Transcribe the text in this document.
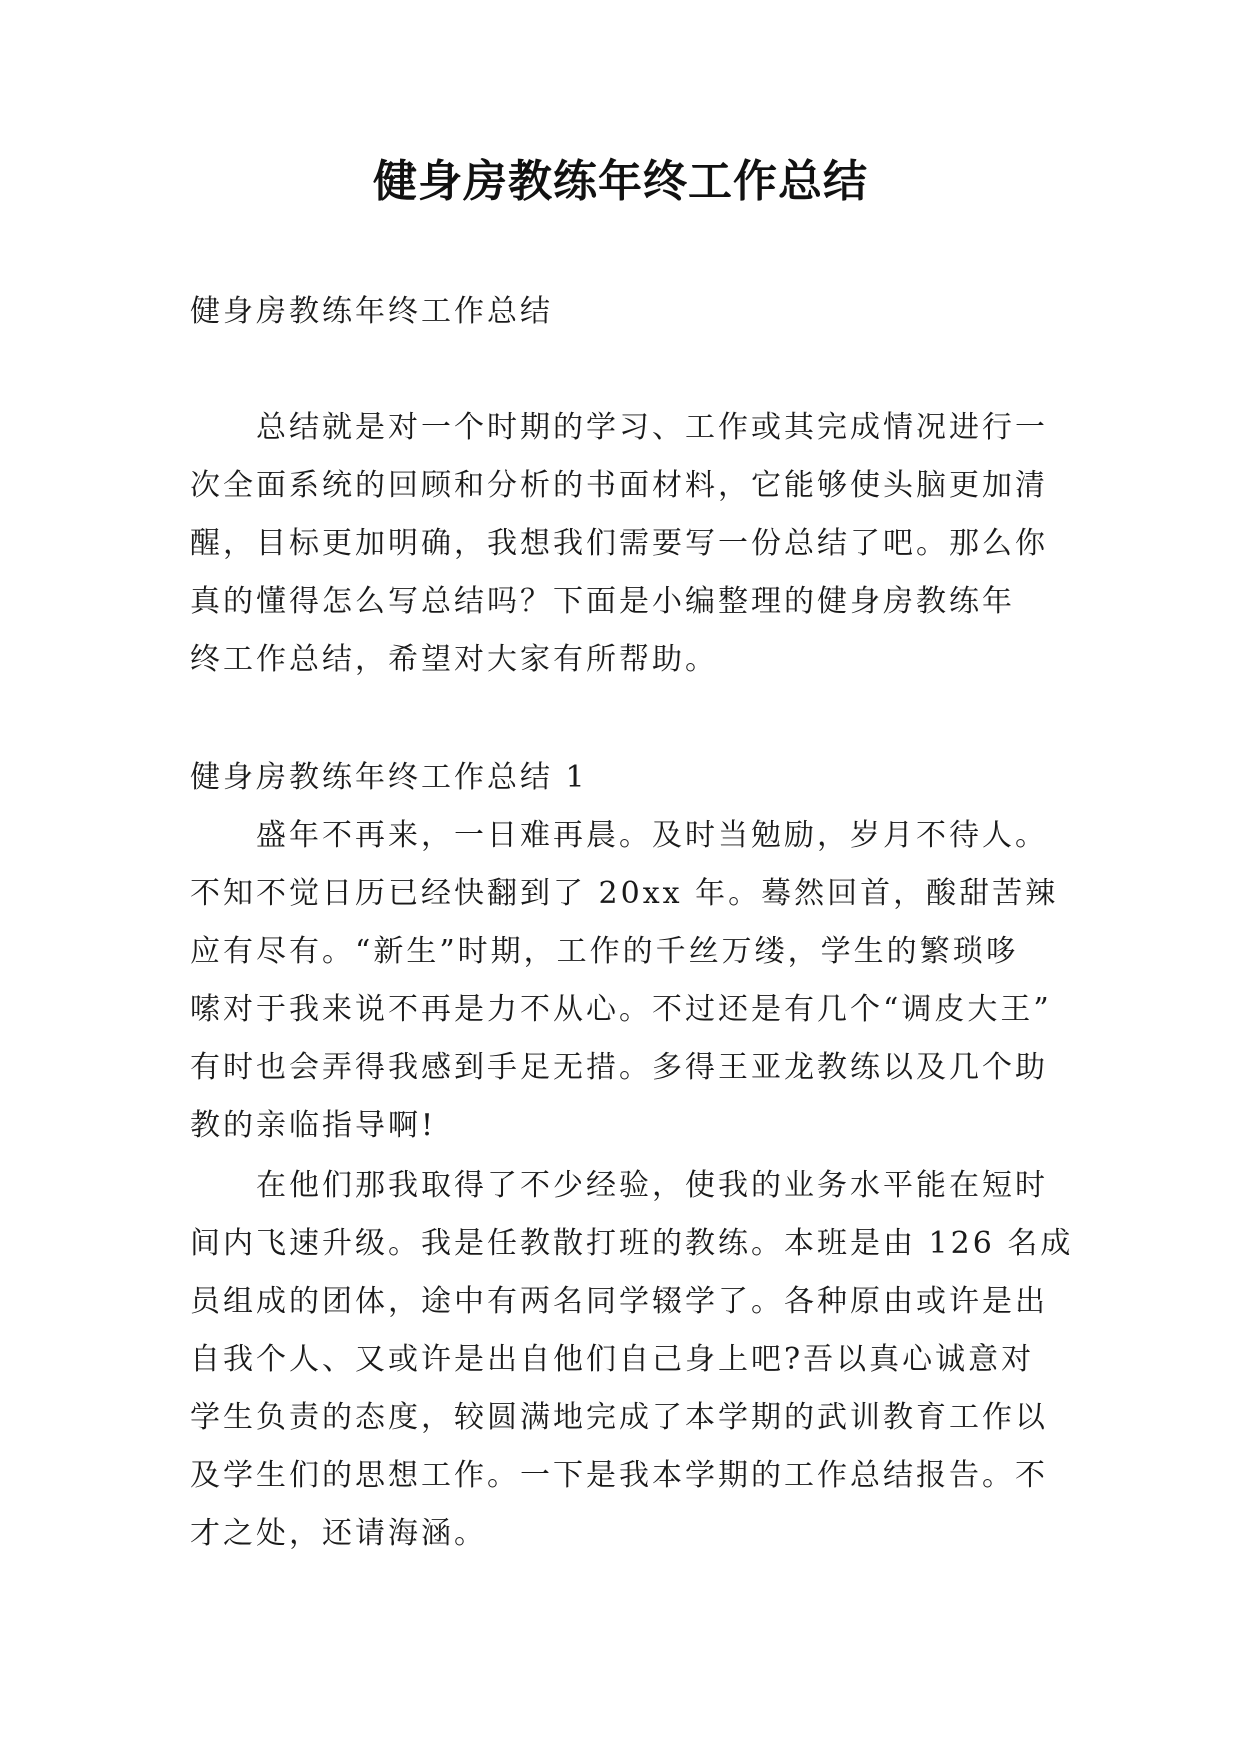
健身房教练年终工作总结
健身房教练年终工作总结
总结就是对一个时期的学习、工作或其完成情况进行一
次全面系统的回顾和分析的书面材料，它能够使头脑更加清
醒，目标更加明确，我想我们需要写一份总结了吧。那么你
真的懂得怎么写总结吗？下面是小编整理的健身房教练年
终工作总结，希望对大家有所帮助。
健身房教练年终工作总结 1
盛年不再来，一日难再晨。及时当勉励，岁月不待人。
不知不觉日历已经快翻到了 20xx 年。蓦然回首，酸甜苦辣
应有尽有。“新生”时期，工作的千丝万缕，学生的繁琐哆
嗦对于我来说不再是力不从心。不过还是有几个“调皮大王”
有时也会弄得我感到手足无措。多得王亚龙教练以及几个助
教的亲临指导啊!
在他们那我取得了不少经验，使我的业务水平能在短时
间内飞速升级。我是任教散打班的教练。本班是由 126 名成
员组成的团体，途中有两名同学辍学了。各种原由或许是出
自我个人、又或许是出自他们自己身上吧?吾以真心诚意对
学生负责的态度，较圆满地完成了本学期的武训教育工作以
及学生们的思想工作。一下是我本学期的工作总结报告。不
才之处，还请海涵。
